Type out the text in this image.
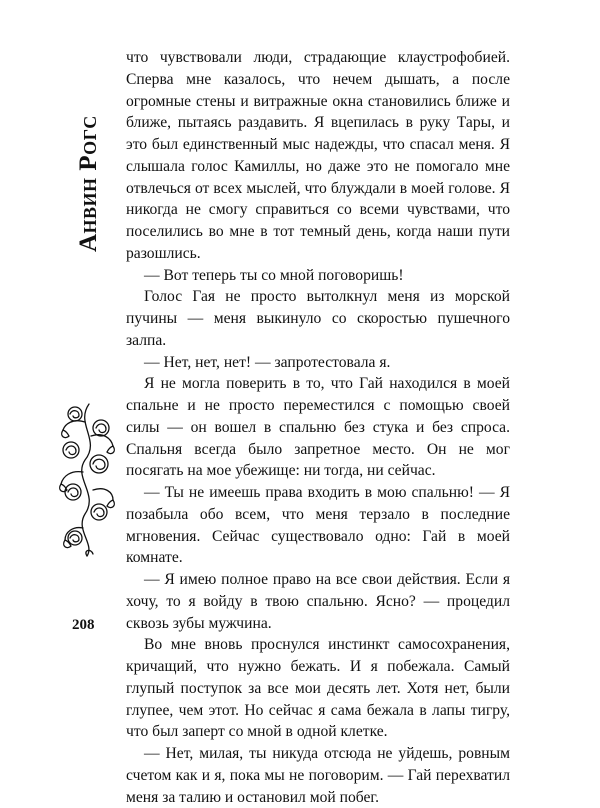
Анвин Рогс
208

что чувствовали люди, страдающие клаустрофобией. Сперва мне казалось, что нечем дышать, а после огромные стены и витражные окна становились ближе и ближе, пытаясь раздавить. Я вцепилась в руку Тары, и это был единственный мыс надежды, что спасал меня. Я слышала голос Камиллы, но даже это не помогало мне отвлечься от всех мыслей, что блуждали в моей голове. Я никогда не смогу справиться со всеми чувствами, что поселились во мне в тот темный день, когда наши пути разошлись.

— Вот теперь ты со мной поговоришь!

Голос Гая не просто вытолкнул меня из морской пучины — меня выкинуло со скоростью пушечного залпа.

— Нет, нет, нет! — запротестовала я.

Я не могла поверить в то, что Гай находился в моей спальне и не просто переместился с помощью своей силы — он вошел в спальню без стука и без спроса. Спальня всегда было запретное место. Он не мог посягать на мое убежище: ни тогда, ни сейчас.

— Ты не имеешь права входить в мою спальню! — Я позабыла обо всем, что меня терзало в последние мгновения. Сейчас существовало одно: Гай в моей комнате.

— Я имею полное право на все свои действия. Если я хочу, то я войду в твою спальню. Ясно? — процедил сквозь зубы мужчина.

Во мне вновь проснулся инстинкт самосохранения, кричащий, что нужно бежать. И я побежала. Самый глупый поступок за все мои десять лет. Хотя нет, были глупее, чем этот. Но сейчас я сама бежала в лапы тигру, что был заперт со мной в одной клетке.

— Нет, милая, ты никуда отсюда не уйдешь, ровным счетом как и я, пока мы не поговорим. — Гай перехватил меня за талию и остановил мой побег.
